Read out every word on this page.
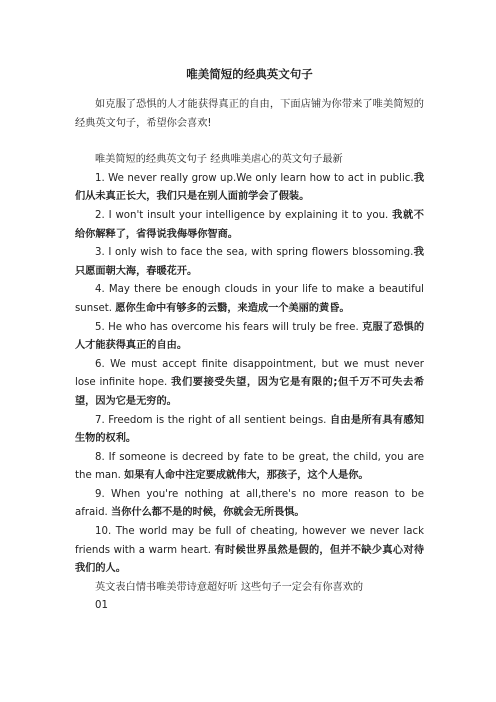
唯美简短的经典英文句子

如克服了恐惧的人才能获得真正的自由，下面店铺为你带来了唯美简短的经典英文句子，希望你会喜欢!

唯美简短的经典英文句子 经典唯美虐心的英文句子最新

1. We never really grow up.We only learn how to act in public.我们从未真正长大，我们只是在别人面前学会了假装。

2. I won't insult your intelligence by explaining it to you. 我就不给你解释了，省得说我侮辱你智商。

3. I only wish to face the sea, with spring flowers blossoming.我只愿面朝大海，春暖花开。

4. May there be enough clouds in your life to make a beautiful sunset. 愿你生命中有够多的云翳，来造成一个美丽的黄昏。

5. He who has overcome his fears will truly be free. 克服了恐惧的人才能获得真正的自由。

6. We must accept finite disappointment, but we must never lose infinite hope. 我们要接受失望，因为它是有限的;但千万不可失去希望，因为它是无穷的。

7. Freedom is the right of all sentient beings. 自由是所有具有感知生物的权利。

8. If someone is decreed by fate to be great, the child, you are the man. 如果有人命中注定要成就伟大，那孩子，这个人是你。

9. When you're nothing at all,there's no more reason to be afraid. 当你什么都不是的时候，你就会无所畏惧。

10. The world may be full of cheating, however we never lack friends with a warm heart. 有时候世界虽然是假的，但并不缺少真心对待我们的人。

英文表白情书唯美带诗意超好听 这些句子一定会有你喜欢的

01
